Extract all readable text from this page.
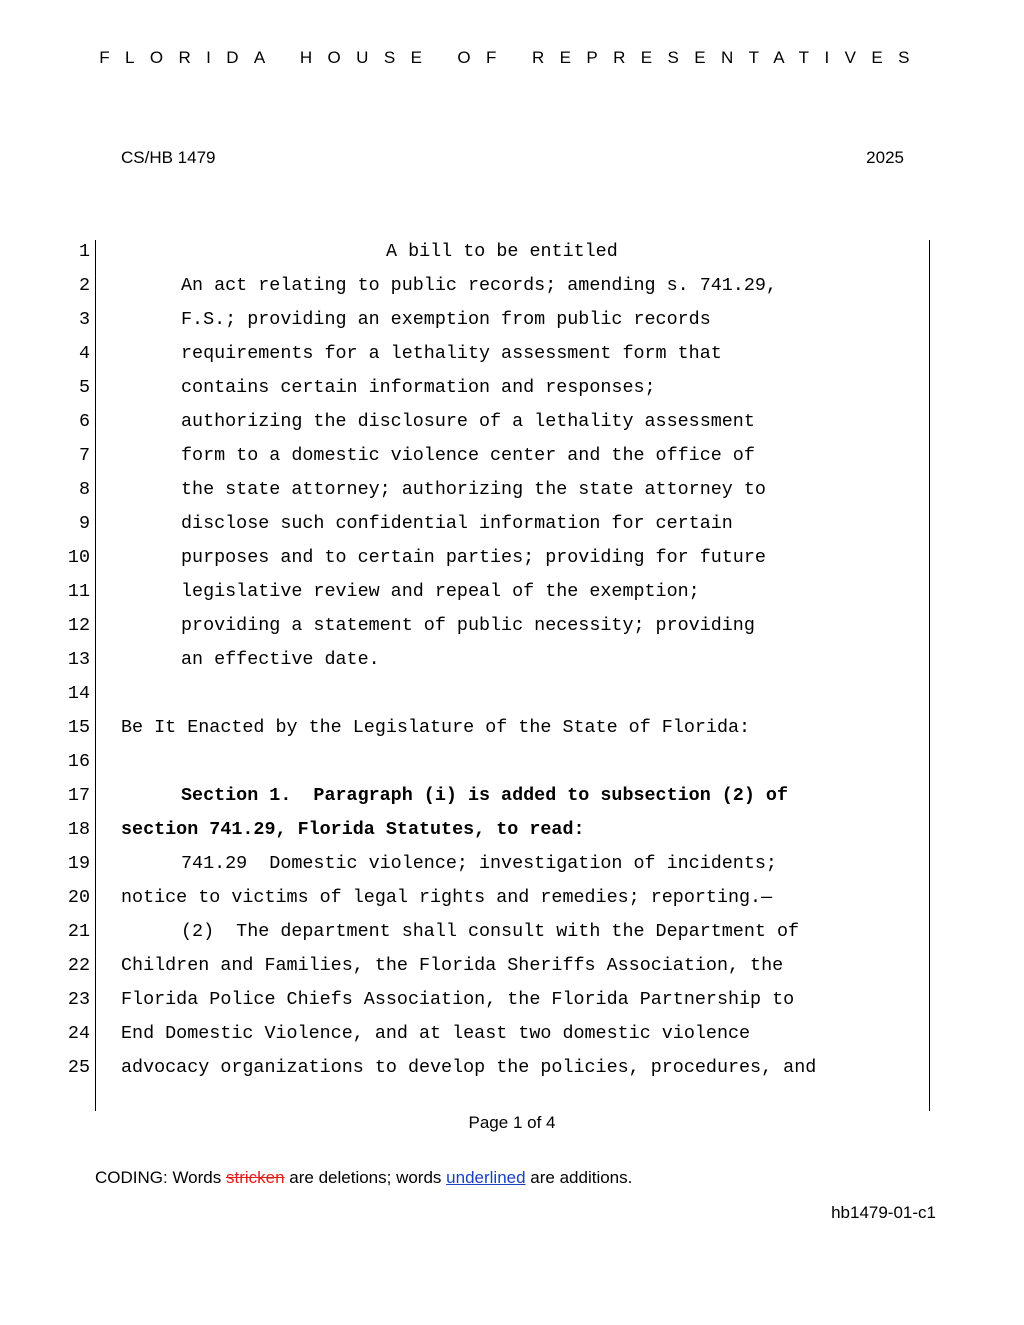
FLORIDA HOUSE OF REPRESENTATIVES
CS/HB 1479	2025
1	A bill to be entitled
2	An act relating to public records; amending s. 741.29,
3	F.S.; providing an exemption from public records
4	requirements for a lethality assessment form that
5	contains certain information and responses;
6	authorizing the disclosure of a lethality assessment
7	form to a domestic violence center and the office of
8	the state attorney; authorizing the state attorney to
9	disclose such confidential information for certain
10	purposes and to certain parties; providing for future
11	legislative review and repeal of the exemption;
12	providing a statement of public necessity; providing
13	an effective date.
14
15 Be It Enacted by the Legislature of the State of Florida:
16
17	Section 1.  Paragraph (i) is added to subsection (2) of
18 section 741.29, Florida Statutes, to read:
19	741.29  Domestic violence; investigation of incidents;
20 notice to victims of legal rights and remedies; reporting.—
21	(2)  The department shall consult with the Department of
22 Children and Families, the Florida Sheriffs Association, the
23 Florida Police Chiefs Association, the Florida Partnership to
24 End Domestic Violence, and at least two domestic violence
25 advocacy organizations to develop the policies, procedures, and
Page 1 of 4
CODING: Words stricken are deletions; words underlined are additions.
hb1479-01-c1
